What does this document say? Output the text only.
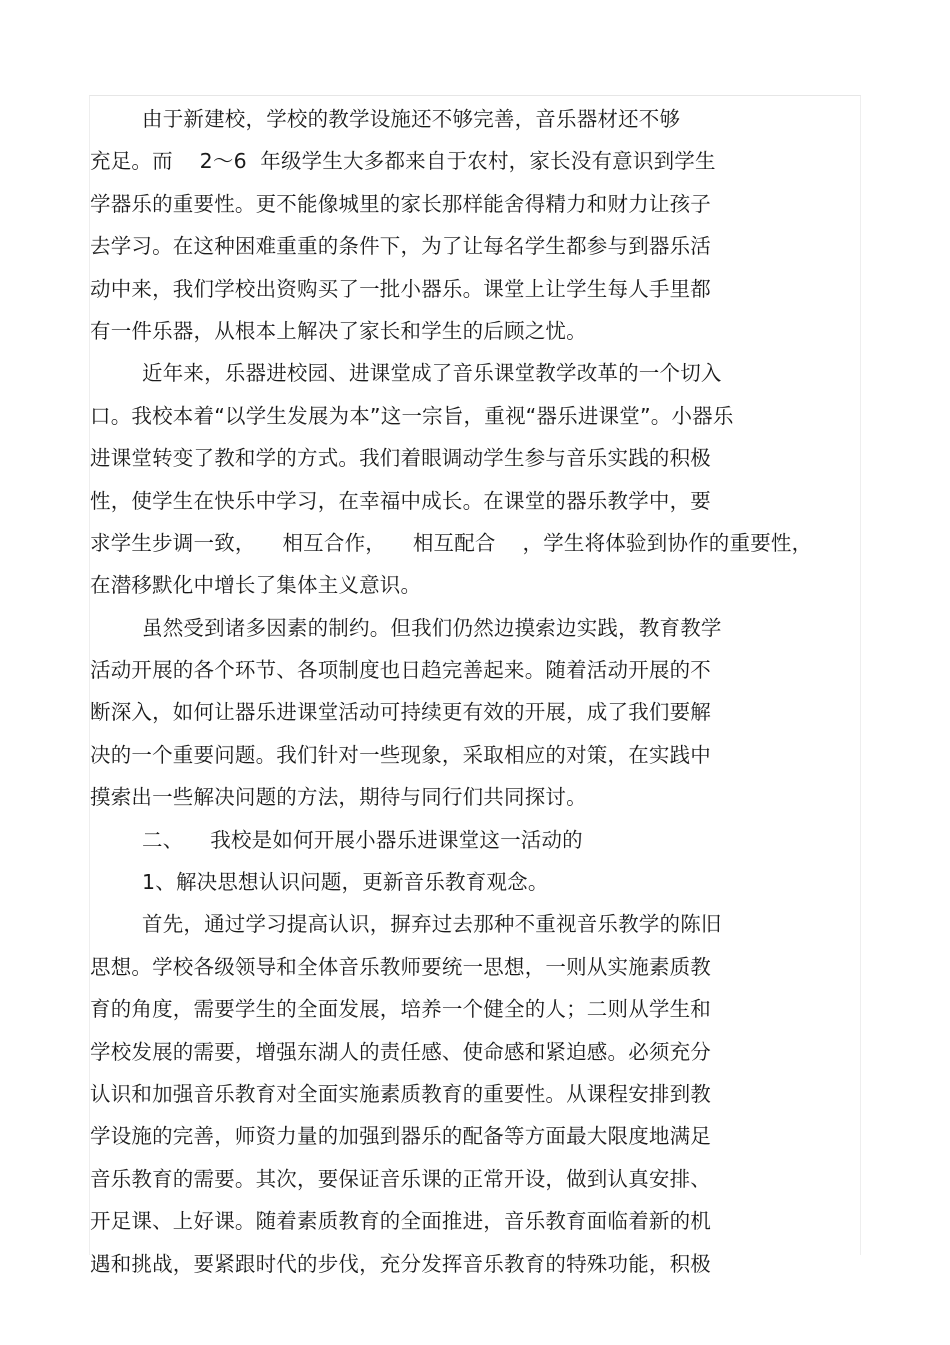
由于新建校，学校的教学设施还不够完善，音乐器材还不够
充足。而    2～6  年级学生大多都来自于农村，家长没有意识到学生
学器乐的重要性。更不能像城里的家长那样能舍得精力和财力让孩子
去学习。在这种困难重重的条件下，为了让每名学生都参与到器乐活
动中来，我们学校出资购买了一批小器乐。课堂上让学生每人手里都
有一件乐器，从根本上解决了家长和学生的后顾之忧。
近年来，乐器进校园、进课堂成了音乐课堂教学改革的一个切入
口。我校本着“以学生发展为本”这一宗旨，重视“器乐进课堂”。小器乐
进课堂转变了教和学的方式。我们着眼调动学生参与音乐实践的积极
性，使学生在快乐中学习，在幸福中成长。在课堂的器乐教学中，要
求学生步调一致，    相互合作，    相互配合    ，学生将体验到协作的重要性，
在潜移默化中增长了集体主义意识。
虽然受到诸多因素的制约。但我们仍然边摸索边实践，教育教学
活动开展的各个环节、各项制度也日趋完善起来。随着活动开展的不
断深入，如何让器乐进课堂活动可持续更有效的开展，成了我们要解
决的一个重要问题。我们针对一些现象，采取相应的对策，在实践中
摸索出一些解决问题的方法，期待与同行们共同探讨。
二、    我校是如何开展小器乐进课堂这一活动的
1、解决思想认识问题，更新音乐教育观念。
首先，通过学习提高认识，摒弃过去那种不重视音乐教学的陈旧
思想。学校各级领导和全体音乐教师要统一思想，一则从实施素质教
育的角度，需要学生的全面发展，培养一个健全的人；二则从学生和
学校发展的需要，增强东湖人的责任感、使命感和紧迫感。必须充分
认识和加强音乐教育对全面实施素质教育的重要性。从课程安排到教
学设施的完善，师资力量的加强到器乐的配备等方面最大限度地满足
音乐教育的需要。其次，要保证音乐课的正常开设，做到认真安排、
开足课、上好课。随着素质教育的全面推进，音乐教育面临着新的机
遇和挑战，要紧跟时代的步伐，充分发挥音乐教育的特殊功能，积极
